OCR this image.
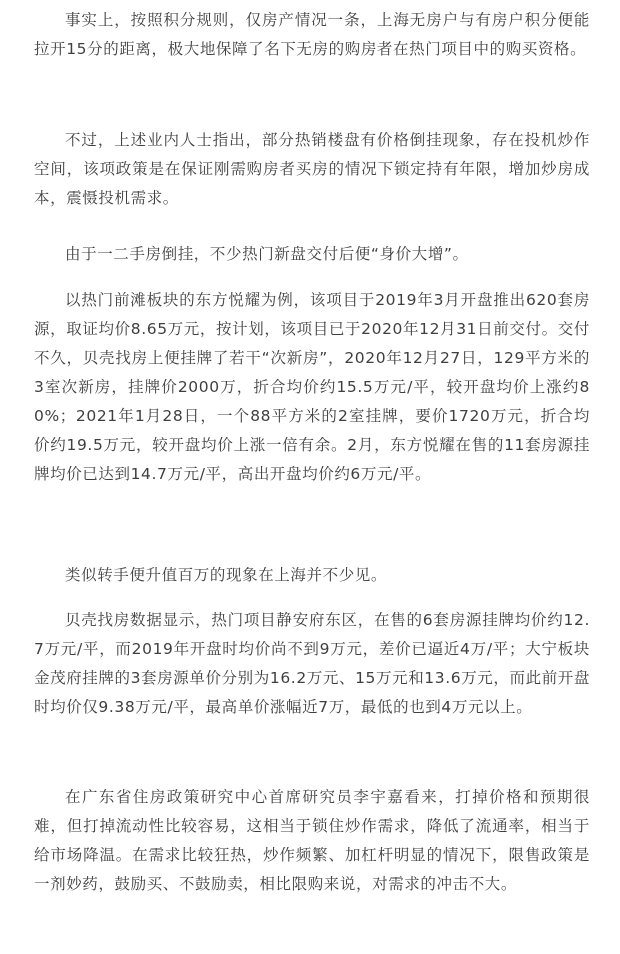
事实上，按照积分规则，仅房产情况一条，上海无房户与有房户积分便能拉开15分的距离，极大地保障了名下无房的购房者在热门项目中的购买资格。

不过，上述业内人士指出，部分热销楼盘有价格倒挂现象，存在投机炒作空间，该项政策是在保证刚需购房者买房的情况下锁定持有年限，增加炒房成本，震慑投机需求。

由于一二手房倒挂，不少热门新盘交付后便“身价大增”。

以热门前滩板块的东方悦耀为例，该项目于2019年3月开盘推出620套房源，取证均价8.65万元，按计划，该项目已于2020年12月31日前交付。交付不久，贝壳找房上便挂牌了若干“次新房”，2020年12月27日，129平方米的3室次新房，挂牌价2000万，折合均价约15.5万元/平，较开盘均价上涨约80%；2021年1月28日，一个88平方米的2室挂牌，要价1720万元，折合均价约19.5万元，较开盘均价上涨一倍有余。2月，东方悦耀在售的11套房源挂牌均价已达到14.7万元/平，高出开盘均价约6万元/平。

类似转手便升值百万的现象在上海并不少见。

贝壳找房数据显示，热门项目静安府东区，在售的6套房源挂牌均价约12.7万元/平，而2019年开盘时均价尚不到9万元，差价已逼近4万/平；大宁板块金茂府挂牌的3套房源单价分别为16.2万元、15万元和13.6万元，而此前开盘时均价仅9.38万元/平，最高单价涨幅近7万，最低的也到4万元以上。

在广东省住房政策研究中心首席研究员李宇嘉看来，打掉价格和预期很难，但打掉流动性比较容易，这相当于锁住炒作需求，降低了流通率，相当于给市场降温。在需求比较狂热，炒作频繁、加杠杆明显的情况下，限售政策是一剂妙药，鼓励买、不鼓励卖，相比限购来说，对需求的冲击不大。
